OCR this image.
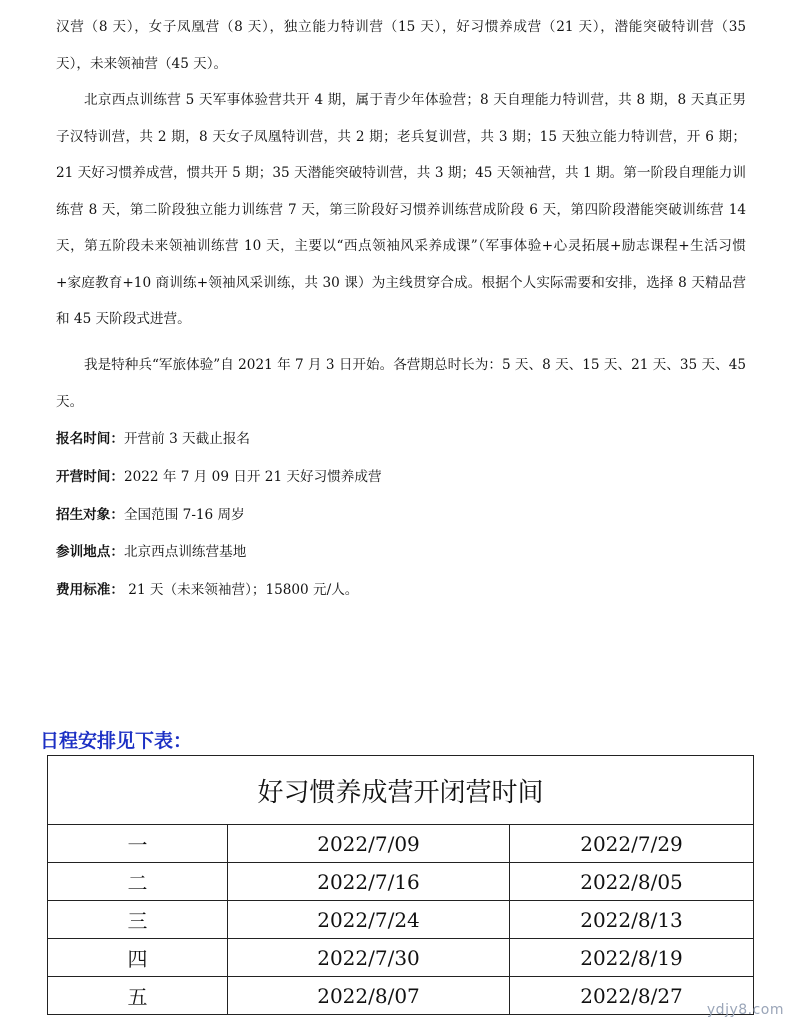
汉营（8 天），女子凤凰营（8 天），独立能力特训营（15 天），好习惯养成营（21 天），潜能突破特训营（35 天），未来领袖营（45 天）。

北京西点训练营 5 天军事体验营共开 4 期，属于青少年体验营；8 天自理能力特训营，共 8 期，8 天真正男子汉特训营，共 2 期，8 天女子凤凰特训营，共 2 期；老兵复训营，共 3 期；15 天独立能力特训营，开 6 期； 21 天好习惯养成营，惯共开 5 期；35 天潜能突破特训营，共 3 期；45 天领袖营，共 1 期。第一阶段自理能力训练营 8 天，第二阶段独立能力训练营 7 天，第三阶段好习惯养训练营成阶段 6 天，第四阶段潜能突破训练营 14 天，第五阶段未来领袖训练营 10 天，主要以“西点领袖风采养成课”（军事体验+心灵拓展+励志课程+生活习惯+家庭教育+10 商训练+领袖风采训练，共 30 课）为主线贯穿合成。根据个人实际需要和安排，选择 8 天精品营和 45 天阶段式进营。

我是特种兵“军旅体验”自 2021 年 7 月 3 日开始。各营期总时长为：5 天、8 天、15 天、21 天、35 天、45 天。

报名时间：开营前 3 天截止报名
开营时间：2022 年 7 月 09 日开 21 天好习惯养成营
招生对象：全国范围 7-16 周岁
参训地点：北京西点训练营基地
费用标准： 21 天（未来领袖营）；15800 元/人。
日程安排见下表：
好习惯养成营开闭营时间		
一	2022/7/09	2022/7/29
二	2022/7/16	2022/8/05
三	2022/7/24	2022/8/13
四	2022/7/30	2022/8/19
五	2022/8/07	2022/8/27
ydjy8.com
